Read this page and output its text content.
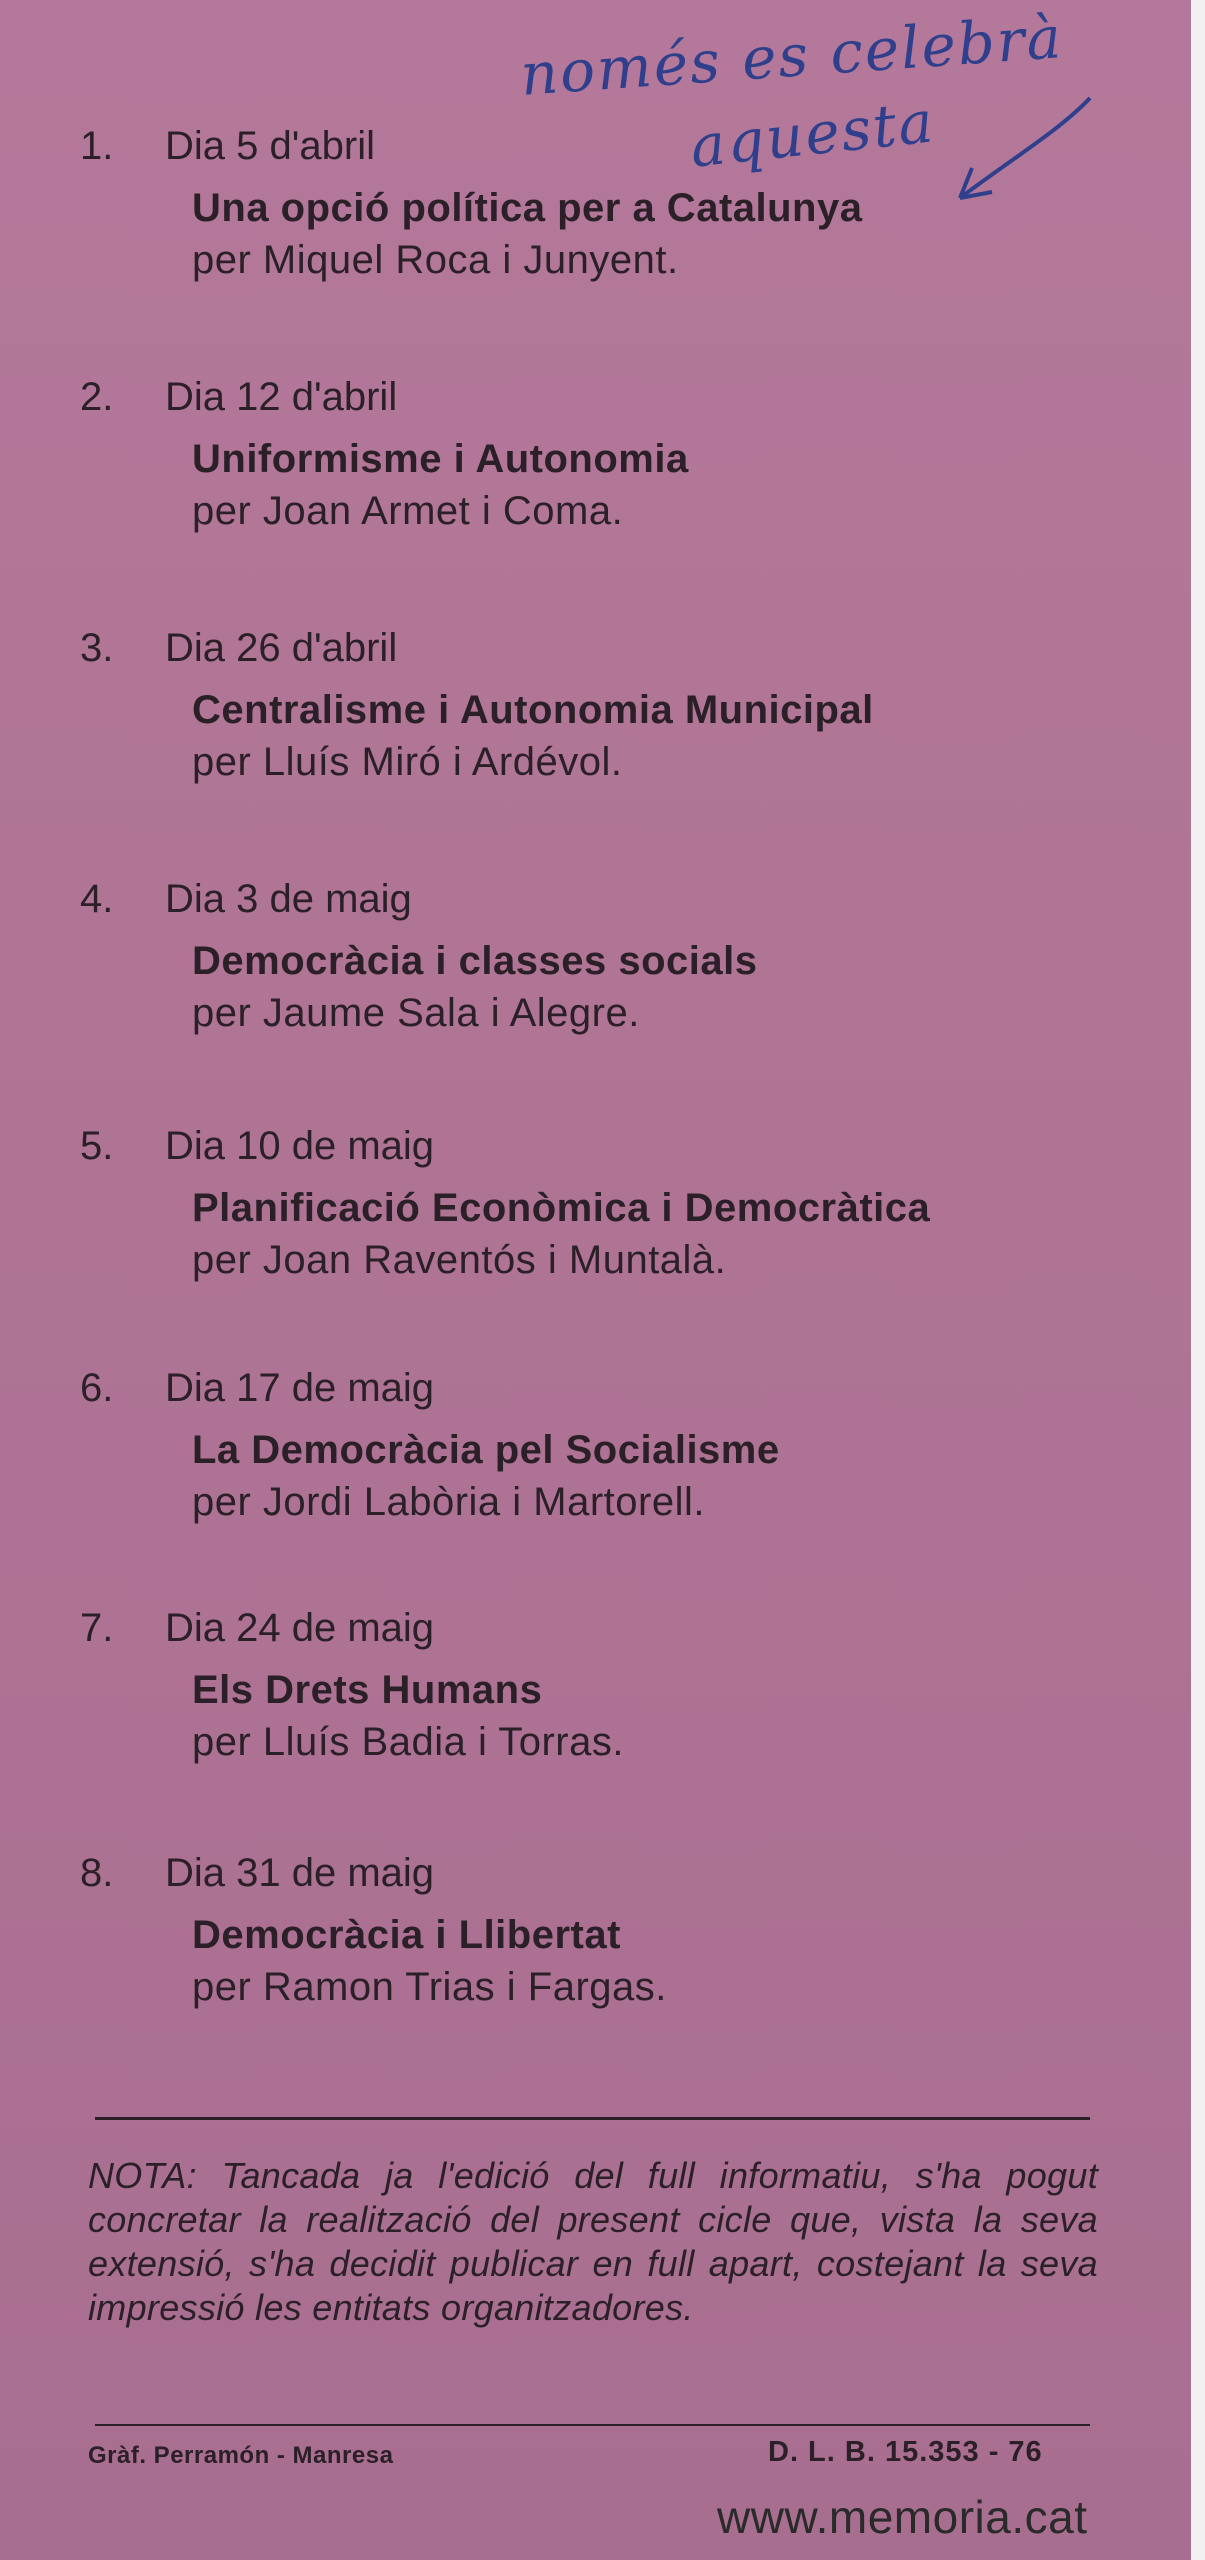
només es celebrà
aquesta
1. Dia 5 d'abril
Una opció política per a Catalunya
per Miquel Roca i Junyent.
2. Dia 12 d'abril
Uniformisme i Autonomia
per Joan Armet i Coma.
3. Dia 26 d'abril
Centralisme i Autonomia Municipal
per Lluís Miró i Ardévol.
4. Dia 3 de maig
Democràcia i classes socials
per Jaume Sala i Alegre.
5. Dia 10 de maig
Planificació Econòmica i Democràtica
per Joan Raventós i Muntalà.
6. Dia 17 de maig
La Democràcia pel Socialisme
per Jordi Labòria i Martorell.
7. Dia 24 de maig
Els Drets Humans
per Lluís Badia i Torras.
8. Dia 31 de maig
Democràcia i Llibertat
per Ramon Trias i Fargas.
NOTA: Tancada ja l'edició del full informatiu, s'ha pogut concretar la realització del present cicle que, vista la seva extensió, s'ha decidit publicar en full apart, costejant la seva impressió les entitats organitzadores.
Gràf. Perramón - Manresa	D. L. B. 15.353 - 76
www.memoria.cat
